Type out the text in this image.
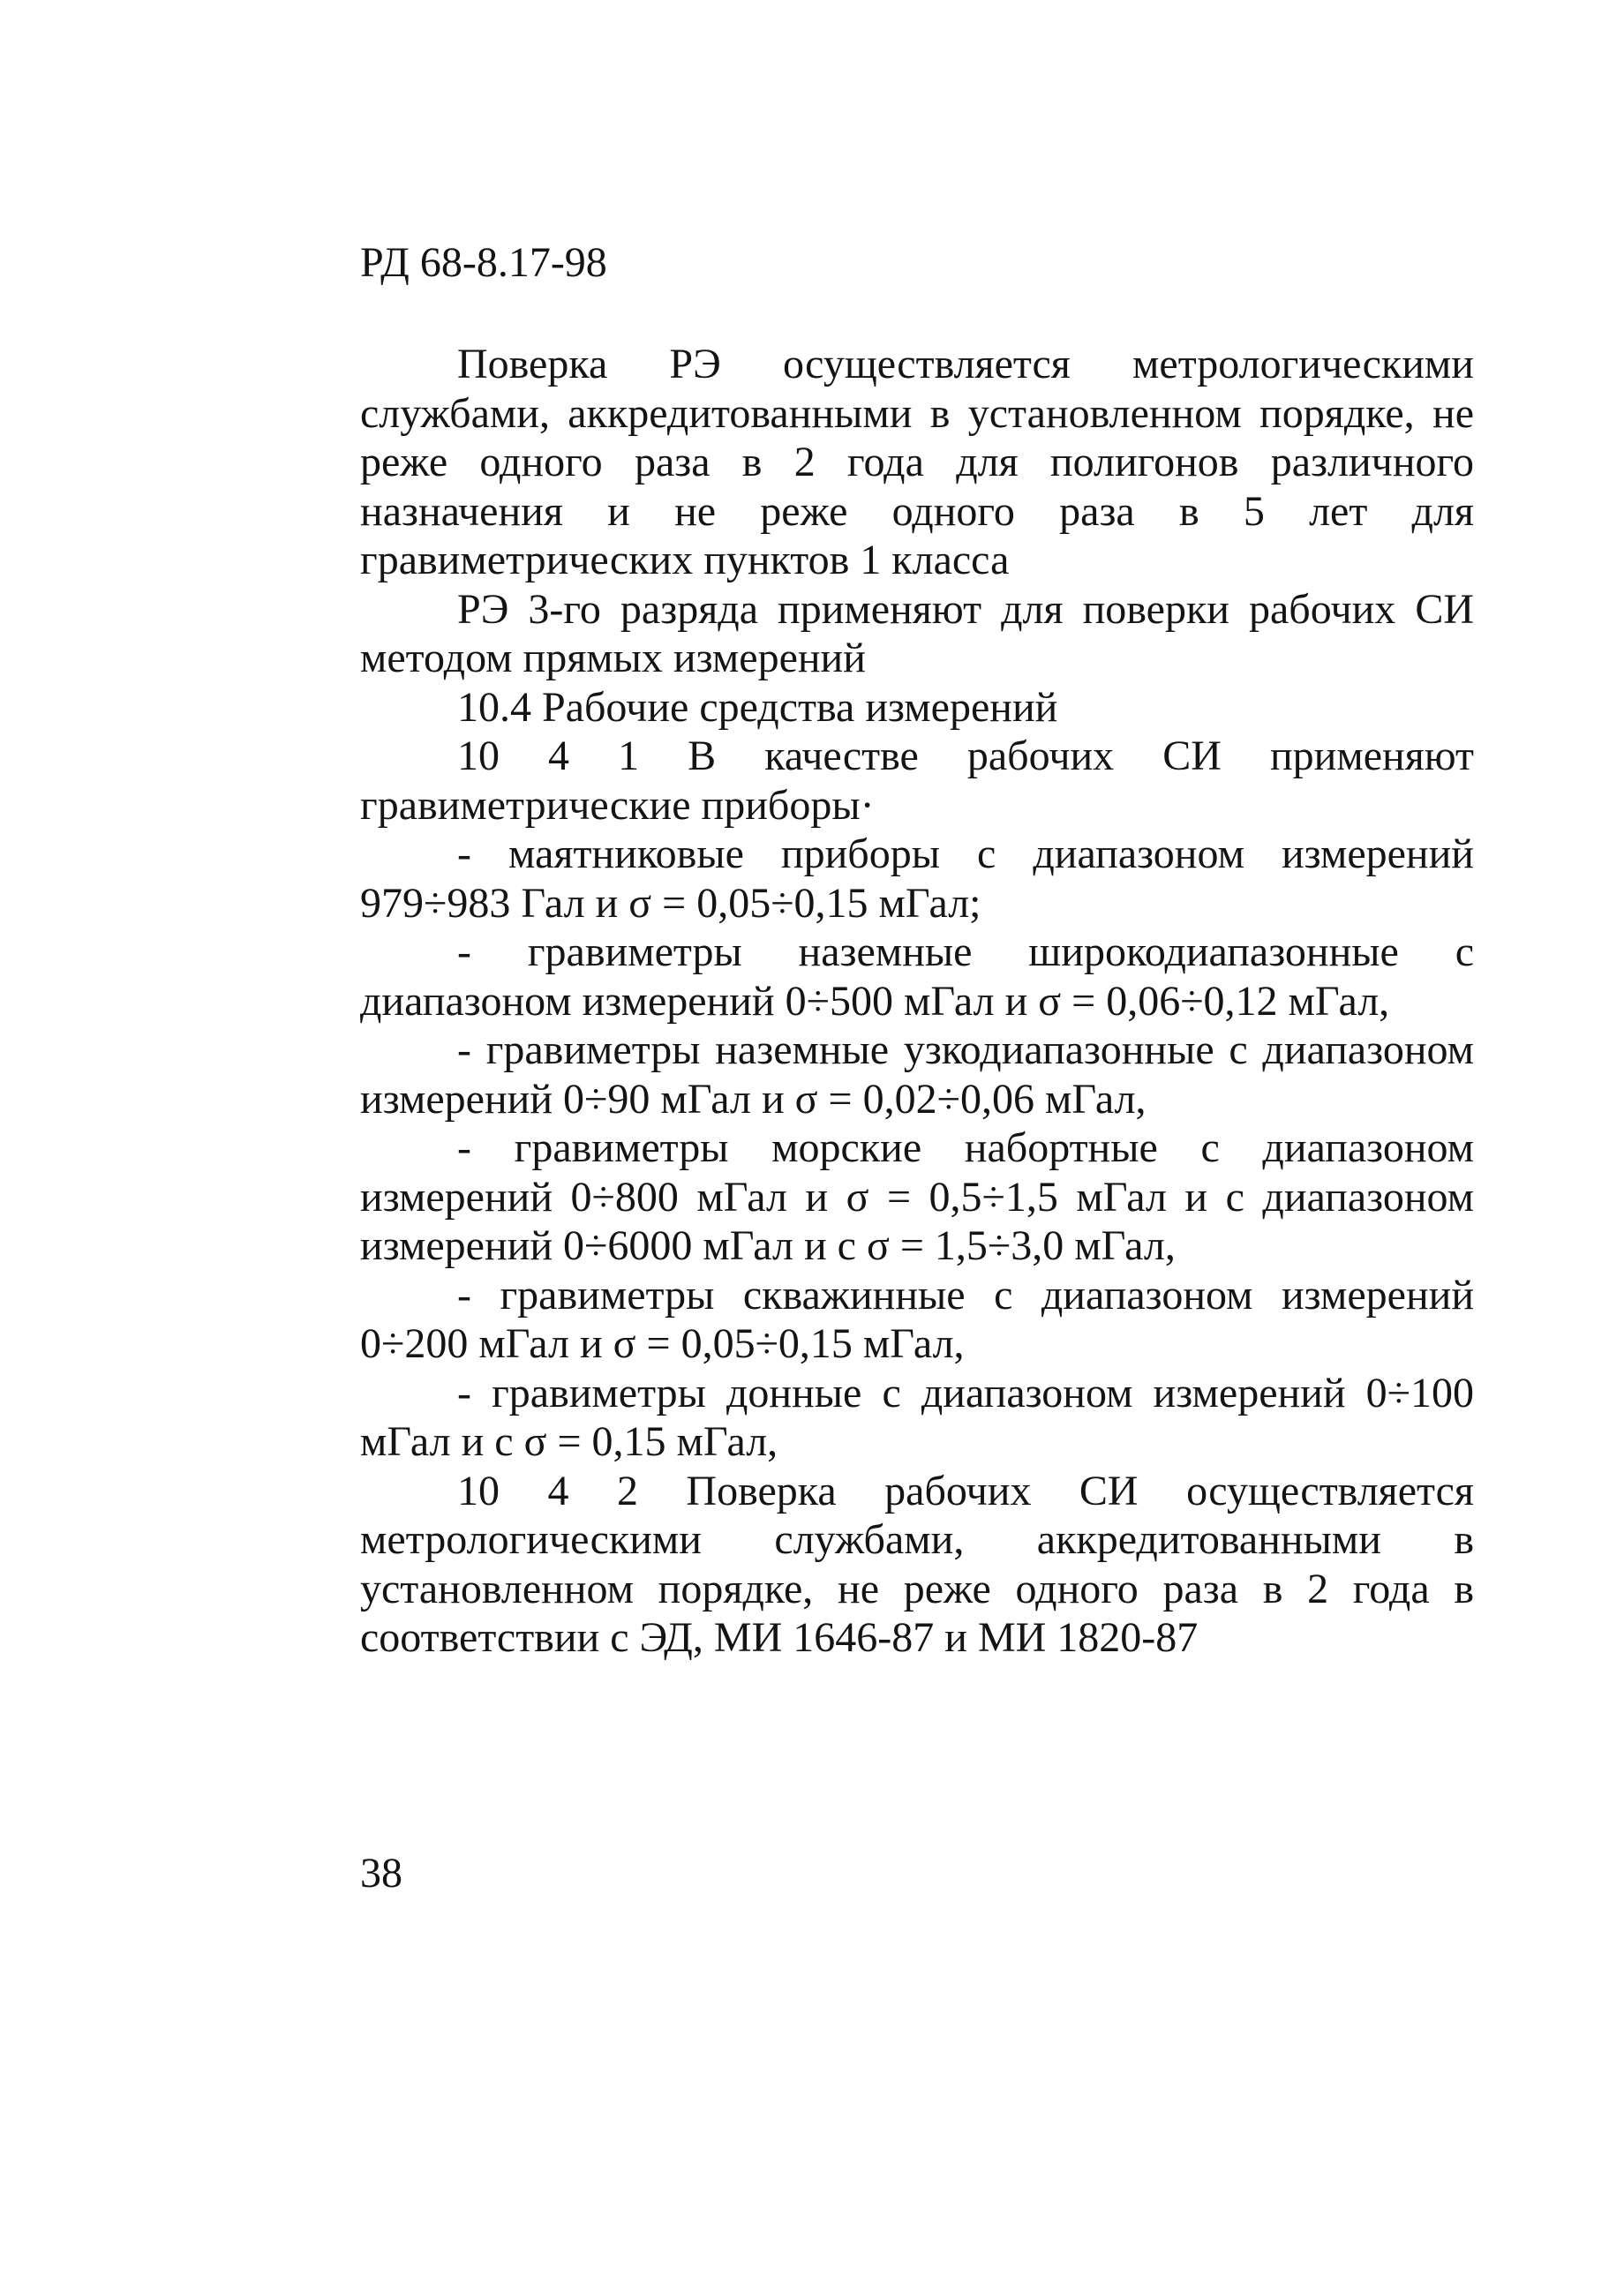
РД 68-8.17-98

Поверка РЭ осуществляется метрологическими службами, аккредитованными в установленном порядке, не реже одного раза в 2 года для полигонов различного назначения и не реже одного раза в 5 лет для гравиметрических пунктов 1 класса

РЭ 3-го разряда применяют для поверки рабочих СИ методом прямых измерений

10.4 Рабочие средства измерений

10 4 1 В качестве рабочих СИ применяют гравиметрические приборы·

- маятниковые приборы с диапазоном измерений 979÷983 Гал и σ = 0,05÷0,15 мГал;

- гравиметры наземные широкодиапазонные с диапазоном измерений 0÷500 мГал и σ = 0,06÷0,12 мГал,

- гравиметры наземные узкодиапазонные с диапазоном измерений 0÷90 мГал и σ = 0,02÷0,06 мГал,

- гравиметры морские набортные с диапазоном измерений 0÷800 мГал и σ = 0,5÷1,5 мГал и с диапазоном измерений 0÷6000 мГал и с σ = 1,5÷3,0 мГал,

- гравиметры скважинные с диапазоном измерений 0÷200 мГал и σ = 0,05÷0,15 мГал,

- гравиметры донные с диапазоном измерений 0÷100 мГал и с σ = 0,15 мГал,

10 4 2 Поверка рабочих СИ осуществляется метрологическими службами, аккредитованными в установленном порядке, не реже одного раза в 2 года в соответствии с ЭД, МИ 1646-87 и МИ 1820-87

38
